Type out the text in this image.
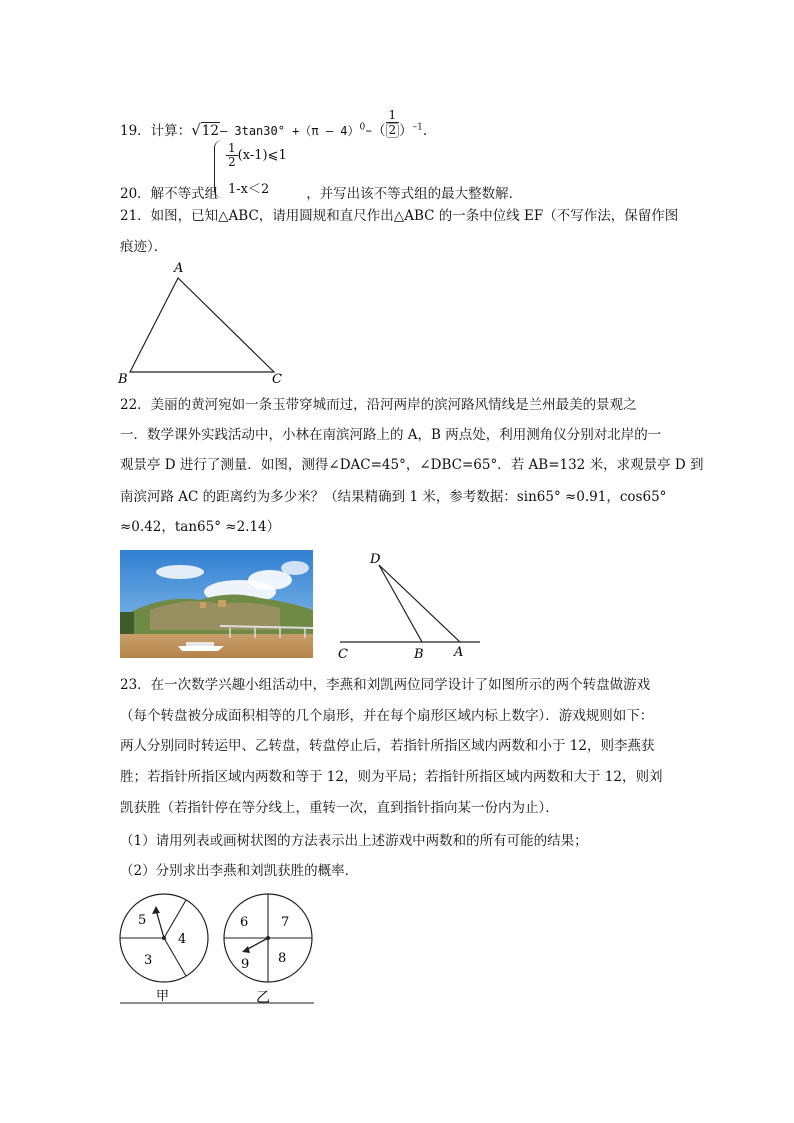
19．计算：√12– $3\tan 30^\circ +(\pi - 4)^0-( \frac{1}{2} )^{-1}$.
$\frac{1}{2}$ (x-1)⩽1
1-x＜2
20．解不等式组	，并写出该不等式组的最大整数解．
21．如图，已知△ABC，请用圆规和直尺作出△ABC 的一条中位线 EF（不写作法，保留作图
痕迹）．
A
B	C
22．美丽的黄河宛如一条玉带穿城而过，沿河两岸的滨河路风情线是兰州最美的景观之
一．数学课外实践活动中，小林在南滨河路上的 A，B 两点处，利用测角仪分别对北岸的一
观景亭 D 进行了测量．如图，测得∠DAC=45°，∠DBC=65°．若 AB=132 米，求观景亭 D 到
南滨河路 AC 的距离约为多少米？（结果精确到 1 米，参考数据：sin65° ≈0.91，cos65°
≈0.42，tan65° ≈2.14）
D
C	B A
23．在一次数学兴趣小组活动中，李燕和刘凯两位同学设计了如图所示的两个转盘做游戏
（每个转盘被分成面积相等的几个扇形，并在每个扇形区域内标上数字）．游戏规则如下：
两人分别同时转运甲、乙转盘，转盘停止后，若指针所指区域内两数和小于 12，则李燕获
胜；若指针所指区域内两数和等于 12，则为平局；若指针所指区域内两数和大于 12，则刘
凯获胜（若指针停在等分线上，重转一次，直到指针指向某一份内为止）．
（1）请用列表或画树状图的方法表示出上述游戏中两数和的所有可能的结果；
（2）分别求出李燕和刘凯获胜的概率．
5
4
3
6	7
9 8
甲	乙
